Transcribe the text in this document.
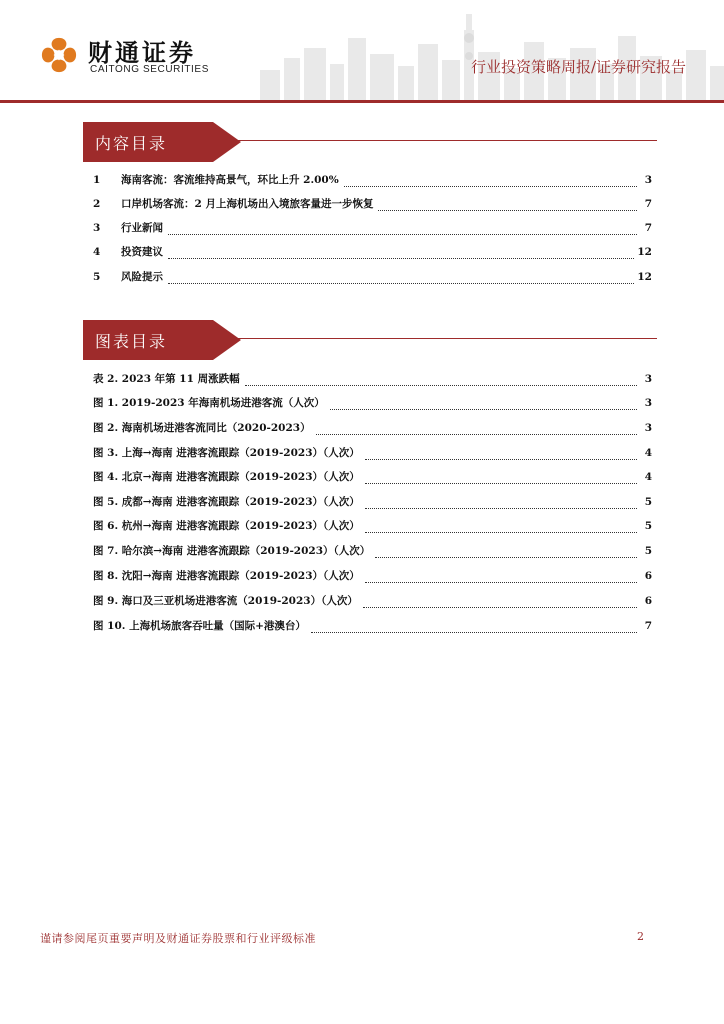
财通证券
CAITONG SECURITIES	行业投资策略周报/证券研究报告
内容目录
1	海南客流：客流维持高景气，环比上升 2.00%	3
2	口岸机场客流：2 月上海机场出入境旅客量进一步恢复	7
3	行业新闻	7
4	投资建议	12
5	风险提示	12
图表目录
表 2. 2023 年第 11 周涨跌幅	3
图 1. 2019-2023 年海南机场进港客流（人次）	3
图 2. 海南机场进港客流同比（2020-2023）	3
图 3. 上海→海南 进港客流跟踪（2019-2023）（人次）	4
图 4. 北京→海南 进港客流跟踪（2019-2023）（人次）	4
图 5. 成都→海南 进港客流跟踪（2019-2023）（人次）	5
图 6. 杭州→海南 进港客流跟踪（2019-2023）（人次）	5
图 7. 哈尔滨→海南 进港客流跟踪（2019-2023）（人次）	5
图 8. 沈阳→海南 进港客流跟踪（2019-2023）（人次）	6
图 9. 海口及三亚机场进港客流（2019-2023）（人次）	6
图 10. 上海机场旅客吞吐量（国际+港澳台）	7
谨请参阅尾页重要声明及财通证券股票和行业评级标准	2
